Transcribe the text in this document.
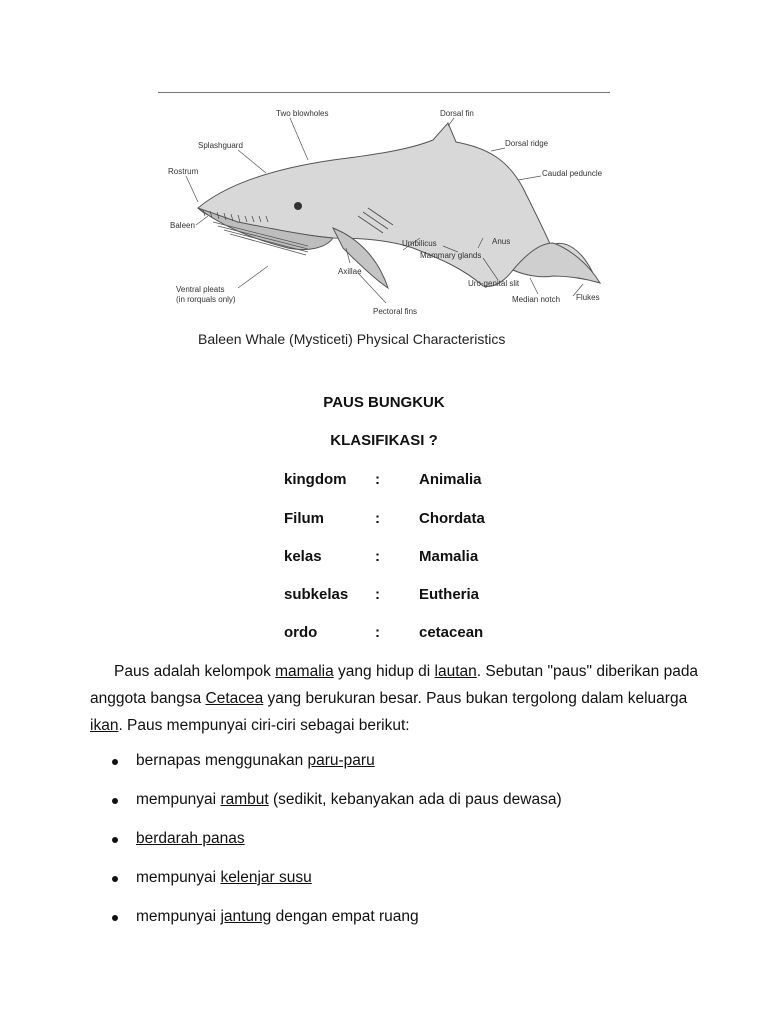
Two blowholes	Dorsal fin
Splashguard	Dorsal ridge
Rostrum	Caudal peduncle
Baleen
Umbilicus	Anus
Mammary glands
Axillae
Ventral pleats
(in rorquals only)
Uro-genital slit
Median notch Flukes
Pectoral fins
Baleen Whale (Mysticeti) Physical Characteristics
PAUS BUNGKUK
KLASIFIKASI ?
kingdom :	Animalia
Filum	:	Chordata
kelas	:	Mamalia
subkelas :	Eutheria
ordo	:	cetacean
Paus adalah kelompok mamalia yang hidup di lautan. Sebutan "paus" diberikan pada anggota bangsa Cetacea yang berukuran besar. Paus bukan tergolong dalam keluarga ikan. Paus mempunyai ciri-ciri sebagai berikut:
bernapas menggunakan paru-paru
mempunyai rambut (sedikit, kebanyakan ada di paus dewasa)
berdarah panas
mempunyai kelenjar susu
mempunyai jantung dengan empat ruang
